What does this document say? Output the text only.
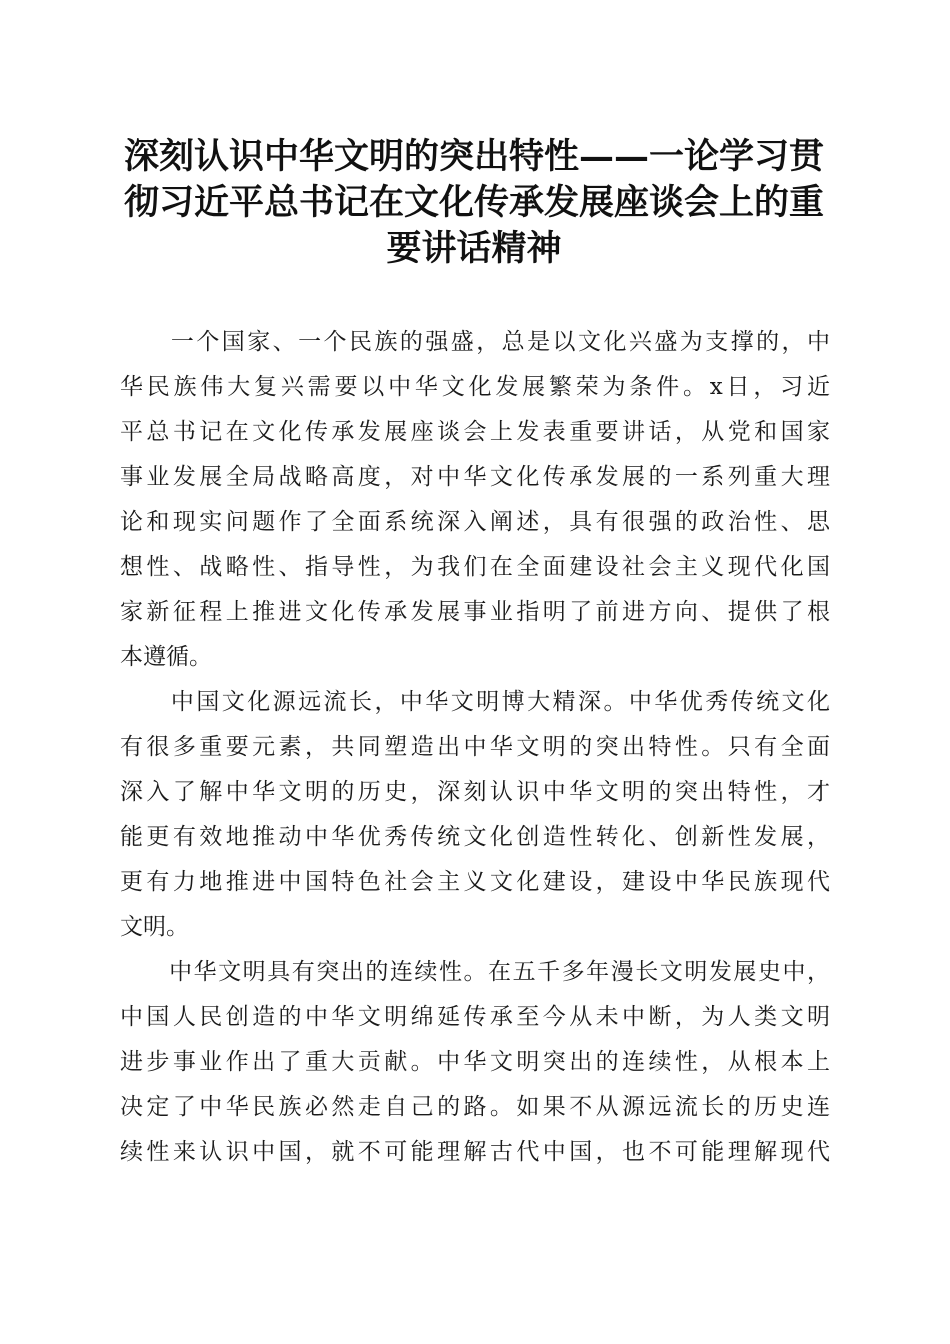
深刻认识中华文明的突出特性——一论学习贯
彻习近平总书记在文化传承发展座谈会上的重
要讲话精神
　　一个国家、一个民族的强盛，总是以文化兴盛为支撑的，中
华民族伟大复兴需要以中华文化发展繁荣为条件。x日，习近
平总书记在文化传承发展座谈会上发表重要讲话，从党和国家
事业发展全局战略高度，对中华文化传承发展的一系列重大理
论和现实问题作了全面系统深入阐述，具有很强的政治性、思
想性、战略性、指导性，为我们在全面建设社会主义现代化国
家新征程上推进文化传承发展事业指明了前进方向、提供了根
本遵循。
　　中国文化源远流长，中华文明博大精深。中华优秀传统文化
有很多重要元素，共同塑造出中华文明的突出特性。只有全面
深入了解中华文明的历史，深刻认识中华文明的突出特性，才
能更有效地推动中华优秀传统文化创造性转化、创新性发展，
更有力地推进中国特色社会主义文化建设，建设中华民族现代
文明。
　　中华文明具有突出的连续性。在五千多年漫长文明发展史中，
中国人民创造的中华文明绵延传承至今从未中断，为人类文明
进步事业作出了重大贡献。中华文明突出的连续性，从根本上
决定了中华民族必然走自己的路。如果不从源远流长的历史连
续性来认识中国，就不可能理解古代中国，也不可能理解现代
